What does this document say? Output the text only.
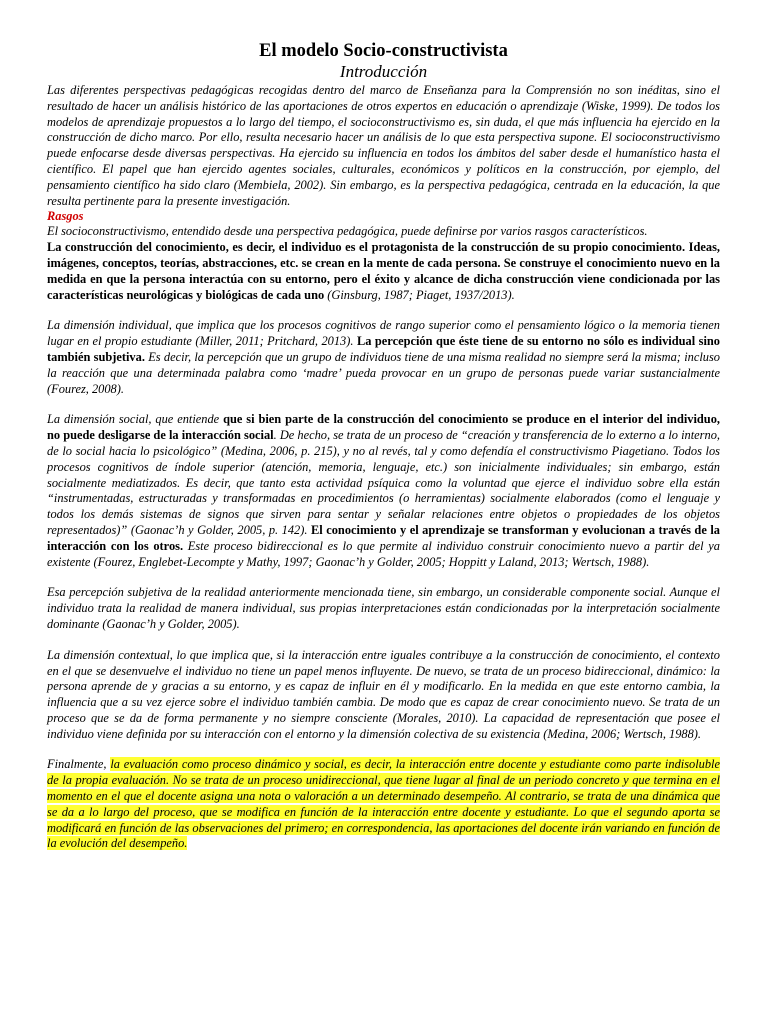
El modelo Socio-constructivista
Introducción

Las diferentes perspectivas pedagógicas recogidas dentro del marco de Enseñanza para la Comprensión no son inéditas, sino el resultado de hacer un análisis histórico de las aportaciones de otros expertos en educación o aprendizaje (Wiske, 1999). De todos los modelos de aprendizaje propuestos a lo largo del tiempo, el socioconstructivismo es, sin duda, el que más influencia ha ejercido en la construcción de dicho marco. Por ello, resulta necesario hacer un análisis de lo que esta perspectiva supone. El socioconstructivismo puede enfocarse desde diversas perspectivas. Ha ejercido su influencia en todos los ámbitos del saber desde el humanístico hasta el científico. El papel que han ejercido agentes sociales, culturales, económicos y políticos en la construcción, por ejemplo, del pensamiento científico ha sido claro (Membiela, 2002). Sin embargo, es la perspectiva pedagógica, centrada en la educación, la que resulta pertinente para la presente investigación.

Rasgos

El socioconstructivismo, entendido desde una perspectiva pedagógica, puede definirse por varios rasgos característicos.

La construcción del conocimiento, es decir, el individuo es el protagonista de la construcción de su propio conocimiento. Ideas, imágenes, conceptos, teorías, abstracciones, etc. se crean en la mente de cada persona. Se construye el conocimiento nuevo en la medida en que la persona interactúa con su entorno, pero el éxito y alcance de dicha construcción viene condicionada por las características neurológicas y biológicas de cada uno (Ginsburg, 1987; Piaget, 1937/2013).

La dimensión individual, que implica que los procesos cognitivos de rango superior como el pensamiento lógico o la memoria tienen lugar en el propio estudiante (Miller, 2011; Pritchard, 2013). La percepción que éste tiene de su entorno no sólo es individual sino también subjetiva. Es decir, la percepción que un grupo de individuos tiene de una misma realidad no siempre será la misma; incluso la reacción que una determinada palabra como ‘madre’ pueda provocar en un grupo de personas puede variar sustancialmente (Fourez, 2008).

La dimensión social, que entiende que si bien parte de la construcción del conocimiento se produce en el interior del individuo, no puede desligarse de la interacción social. De hecho, se trata de un proceso de “creación y transferencia de lo externo a lo interno, de lo social hacia lo psicológico” (Medina, 2006, p. 215), y no al revés, tal y como defendía el constructivismo Piagetiano. Todos los procesos cognitivos de índole superior (atención, memoria, lenguaje, etc.) son inicialmente individuales; sin embargo, están socialmente mediatizados. Es decir, que tanto esta actividad psíquica como la voluntad que ejerce el individuo sobre ella están “instrumentadas, estructuradas y transformadas en procedimientos (o herramientas) socialmente elaborados (como el lenguaje y todos los demás sistemas de signos que sirven para sentar y señalar relaciones entre objetos o propiedades de los objetos representados)” (Gaonac’h y Golder, 2005, p. 142). El conocimiento y el aprendizaje se transforman y evolucionan a través de la interacción con los otros. Este proceso bidireccional es lo que permite al individuo construir conocimiento nuevo a partir del ya existente (Fourez, Englebet-Lecompte y Mathy, 1997; Gaonac’h y Golder, 2005; Hoppitt y Laland, 2013; Wertsch, 1988).

Esa percepción subjetiva de la realidad anteriormente mencionada tiene, sin embargo, un considerable componente social. Aunque el individuo trata la realidad de manera individual, sus propias interpretaciones están condicionadas por la interpretación socialmente dominante (Gaonac’h y Golder, 2005).

La dimensión contextual, lo que implica que, si la interacción entre iguales contribuye a la construcción de conocimiento, el contexto en el que se desenvuelve el individuo no tiene un papel menos influyente. De nuevo, se trata de un proceso bidireccional, dinámico: la persona aprende de y gracias a su entorno, y es capaz de influir en él y modificarlo. En la medida en que este entorno cambia, la influencia que a su vez ejerce sobre el individuo también cambia. De modo que es capaz de crear conocimiento nuevo. Se trata de un proceso que se da de forma permanente y no siempre consciente (Morales, 2010). La capacidad de representación que posee el individuo viene definida por su interacción con el entorno y la dimensión colectiva de su existencia (Medina, 2006; Wertsch, 1988).

Finalmente, la evaluación como proceso dinámico y social, es decir, la interacción entre docente y estudiante como parte indisoluble de la propia evaluación. No se trata de un proceso unidireccional, que tiene lugar al final de un periodo concreto y que termina en el momento en el que el docente asigna una nota o valoración a un determinado desempeño. Al contrario, se trata de una dinámica que se da a lo largo del proceso, que se modifica en función de la interacción entre docente y estudiante. Lo que el segundo aporta se modificará en función de las observaciones del primero; en correspondencia, las aportaciones del docente irán variando en función de la evolución del desempeño.
